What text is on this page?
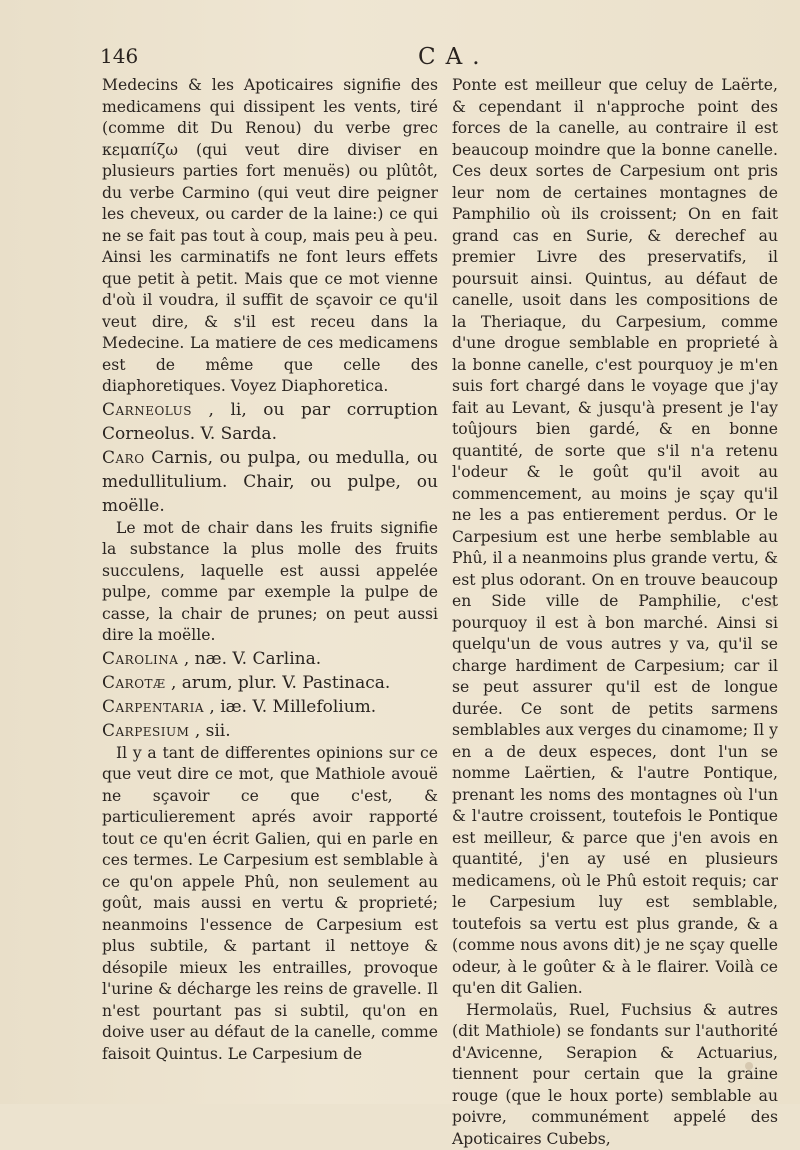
146	CA.

Medecins & les Apoticaires signifie des medicamens qui dissipent les vents, tiré (comme dit Du Renou) du verbe grec κεμαπίζω (qui veut dire diviser en plusieurs parties fort menuës) ou plûtôt, du verbe Carmino (qui veut dire peigner les cheveux, ou carder de la laine:) ce qui ne se fait pas tout à coup, mais peu à peu. Ainsi les carminatifs ne font leurs effets que petit à petit. Mais que ce mot vienne d'où il voudra, il suffit de sçavoir ce qu'il veut dire, & s'il est receu dans la Medecine. La matiere de ces medicamens est de même que celle des diaphoretiques. Voyez Diaphoretica.

Carneolus , li, ou par corruption Corneolus. V. Sarda.

Caro Carnis, ou pulpa, ou medulla, ou medullitulium. Chair, ou pulpe, ou moëlle.

Le mot de chair dans les fruits signifie la substance la plus molle des fruits succulens, laquelle est aussi appelée pulpe, comme par exemple la pulpe de casse, la chair de prunes; on peut aussi dire la moëlle.

Carolina , næ. V. Carlina.

Carotæ , arum, plur. V. Pastinaca.

Carpentaria , iæ. V. Millefolium.

Carpesium , sii.

Il y a tant de differentes opinions sur ce que veut dire ce mot, que Mathiole avouë ne sçavoir ce que c'est, & particulierement aprés avoir rapporté tout ce qu'en écrit Galien, qui en parle en ces termes. Le Carpesium est semblable à ce qu'on appele Phû, non seulement au goût, mais aussi en vertu & proprieté; neanmoins l'essence de Carpesium est plus subtile, & partant il nettoye & désopile mieux les entrailles, provoque l'urine & décharge les reins de gravelle. Il n'est pourtant pas si subtil, qu'on en doive user au défaut de la canelle, comme faisoit Quintus. Le Carpesium de

Ponte est meilleur que celuy de Laërte, & cependant il n'approche point des forces de la canelle, au contraire il est beaucoup moindre que la bonne canelle. Ces deux sortes de Carpesium ont pris leur nom de certaines montagnes de Pamphilio où ils croissent; On en fait grand cas en Surie, & derechef au premier Livre des preservatifs, il poursuit ainsi. Quintus, au défaut de canelle, usoit dans les compositions de la Theriaque, du Carpesium, comme d'une drogue semblable en proprieté à la bonne canelle, c'est pourquoy je m'en suis fort chargé dans le voyage que j'ay fait au Levant, & jusqu'à present je l'ay toûjours bien gardé, & en bonne quantité, de sorte que s'il n'a retenu l'odeur & le goût qu'il avoit au commencement, au moins je sçay qu'il ne les a pas entierement perdus. Or le Carpesium est une herbe semblable au Phû, il a neanmoins plus grande vertu, & est plus odorant. On en trouve beaucoup en Side ville de Pamphilie, c'est pourquoy il est à bon marché. Ainsi si quelqu'un de vous autres y va, qu'il se charge hardiment de Carpesium; car il se peut assurer qu'il est de longue durée. Ce sont de petits sarmens semblables aux verges du cinamome; Il y en a de deux especes, dont l'un se nomme Laërtien, & l'autre Pontique, prenant les noms des montagnes où l'un & l'autre croissent, toutefois le Pontique est meilleur, & parce que j'en avois en quantité, j'en ay usé en plusieurs medicamens, où le Phû estoit requis; car le Carpesium luy est semblable, toutefois sa vertu est plus grande, & a (comme nous avons dit) je ne sçay quelle odeur, à le goûter & à le flairer. Voilà ce qu'en dit Galien.

Hermolaüs, Ruel, Fuchsius & autres (dit Mathiole) se fondants sur l'authorité d'Avicenne, Serapion & Actuarius, tiennent pour certain que la graine rouge (que le houx porte) semblable au poivre, communément appelé des Apoticaires Cubebs,
